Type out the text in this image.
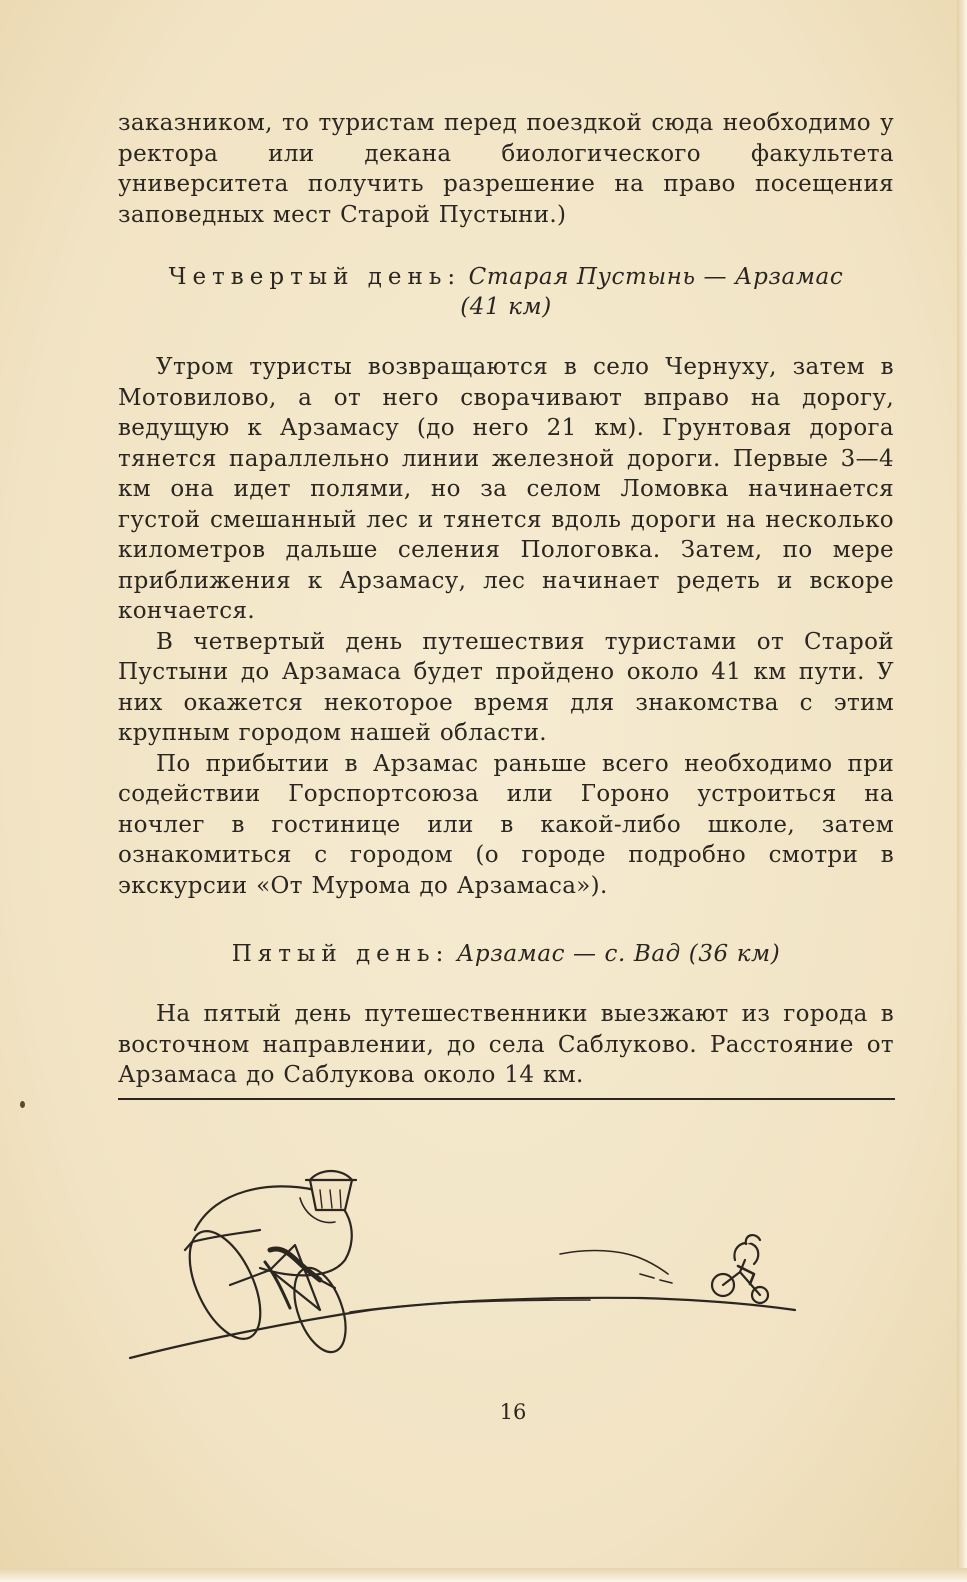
заказником, то туристам перед поездкой сюда необходимо у ректора или декана биологического факультета университета получить разрешение на право посещения заповедных мест Старой Пустыни.)

Четвертый день: Старая Пустынь — Арзамас
(41 км)

Утром туристы возвращаются в село Чернуху, затем в Мотовилово, а от него сворачивают вправо на дорогу, ведущую к Арзамасу (до него 21 км). Грунтовая дорога тянется параллельно линии железной дороги. Первые 3—4 км она идет полями, но за селом Ломовка начинается густой смешанный лес и тянется вдоль дороги на несколько километров дальше селения Пологовка. Затем, по мере приближения к Арзамасу, лес начинает редеть и вскоре кончается.

В четвертый день путешествия туристами от Старой Пустыни до Арзамаса будет пройдено около 41 км пути. У них окажется некоторое время для знакомства с этим крупным городом нашей области.

По прибытии в Арзамас раньше всего необходимо при содействии Горспортсоюза или Гороно устроиться на ночлег в гостинице или в какой-либо школе, затем ознакомиться с городом (о городе подробно смотри в экскурсии «От Мурома до Арзамаса»).

Пятый день: Арзамас — с. Вад (36 км)

На пятый день путешественники выезжают из города в восточном направлении, до села Саблуково. Расстояние от Арзамаса до Саблукова около 14 км.

16
